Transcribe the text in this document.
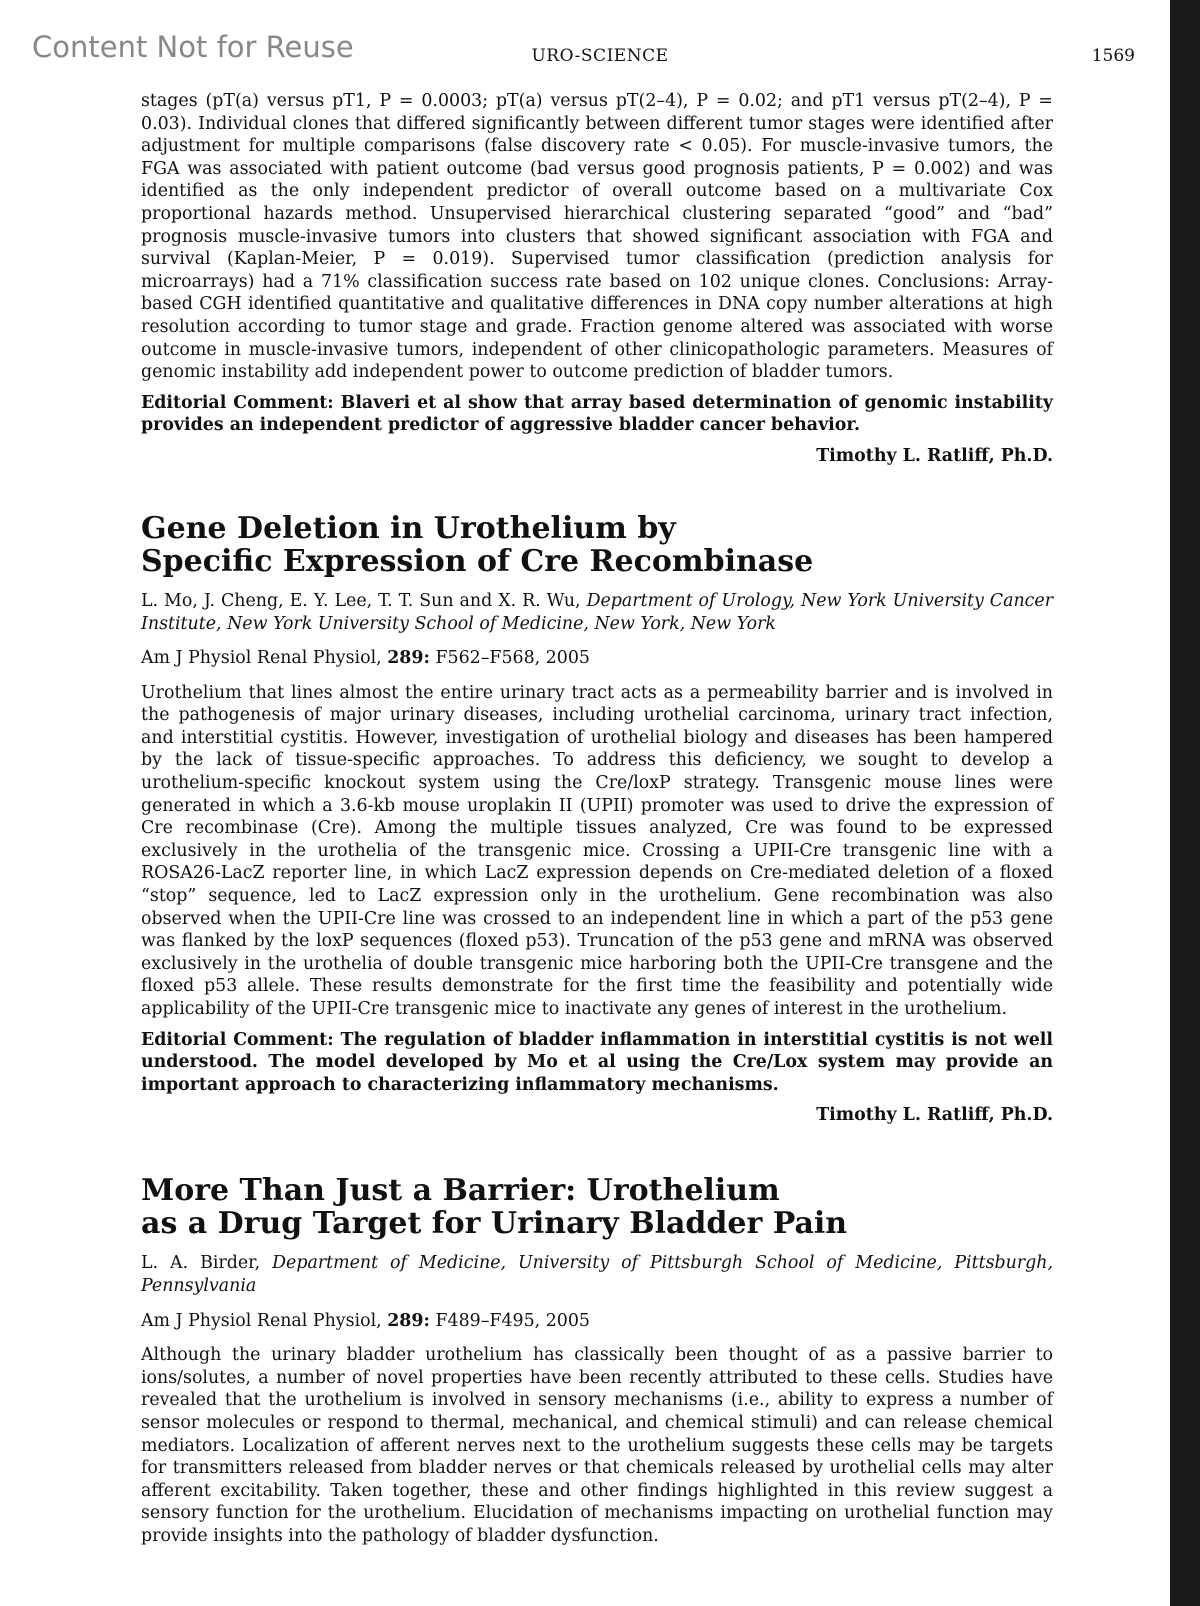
Content Not for Reuse	URO-SCIENCE	1569

stages (pT(a) versus pT1, P = 0.0003; pT(a) versus pT(2–4), P = 0.02; and pT1 versus pT(2–4), P = 0.03). Individual clones that differed significantly between different tumor stages were identified after adjustment for multiple comparisons (false discovery rate < 0.05). For muscle-invasive tumors, the FGA was associated with patient outcome (bad versus good prognosis patients, P = 0.002) and was identified as the only independent predictor of overall outcome based on a multivariate Cox proportional hazards method. Unsupervised hierarchical clustering separated “good” and “bad” prognosis muscle-invasive tumors into clusters that showed significant association with FGA and survival (Kaplan-Meier, P = 0.019). Supervised tumor classification (prediction analysis for microarrays) had a 71% classification success rate based on 102 unique clones. Conclusions: Array-based CGH identified quantitative and qualitative differences in DNA copy number alterations at high resolution according to tumor stage and grade. Fraction genome altered was associated with worse outcome in muscle-invasive tumors, independent of other clinicopathologic parameters. Measures of genomic instability add independent power to outcome prediction of bladder tumors.

Editorial Comment: Blaveri et al show that array based determination of genomic instability provides an independent predictor of aggressive bladder cancer behavior.

Timothy L. Ratliff, Ph.D.
Gene Deletion in Urothelium by
Specific Expression of Cre Recombinase

L. Mo, J. Cheng, E. Y. Lee, T. T. Sun and X. R. Wu, Department of Urology, New York University Cancer Institute, New York University School of Medicine, New York, New York

Am J Physiol Renal Physiol, 289: F562–F568, 2005

Urothelium that lines almost the entire urinary tract acts as a permeability barrier and is involved in the pathogenesis of major urinary diseases, including urothelial carcinoma, urinary tract infection, and interstitial cystitis. However, investigation of urothelial biology and diseases has been hampered by the lack of tissue-specific approaches. To address this deficiency, we sought to develop a urothelium-specific knockout system using the Cre/loxP strategy. Transgenic mouse lines were generated in which a 3.6-kb mouse uroplakin II (UPII) promoter was used to drive the expression of Cre recombinase (Cre). Among the multiple tissues analyzed, Cre was found to be expressed exclusively in the urothelia of the transgenic mice. Crossing a UPII-Cre transgenic line with a ROSA26-LacZ reporter line, in which LacZ expression depends on Cre-mediated deletion of a floxed “stop” sequence, led to LacZ expression only in the urothelium. Gene recombination was also observed when the UPII-Cre line was crossed to an independent line in which a part of the p53 gene was flanked by the loxP sequences (floxed p53). Truncation of the p53 gene and mRNA was observed exclusively in the urothelia of double transgenic mice harboring both the UPII-Cre transgene and the floxed p53 allele. These results demonstrate for the first time the feasibility and potentially wide applicability of the UPII-Cre transgenic mice to inactivate any genes of interest in the urothelium.

Editorial Comment: The regulation of bladder inflammation in interstitial cystitis is not well understood. The model developed by Mo et al using the Cre/Lox system may provide an important approach to characterizing inflammatory mechanisms.

Timothy L. Ratliff, Ph.D.
More Than Just a Barrier: Urothelium
as a Drug Target for Urinary Bladder Pain

L. A. Birder, Department of Medicine, University of Pittsburgh School of Medicine, Pittsburgh, Pennsylvania

Am J Physiol Renal Physiol, 289: F489–F495, 2005

Although the urinary bladder urothelium has classically been thought of as a passive barrier to ions/solutes, a number of novel properties have been recently attributed to these cells. Studies have revealed that the urothelium is involved in sensory mechanisms (i.e., ability to express a number of sensor molecules or respond to thermal, mechanical, and chemical stimuli) and can release chemical mediators. Localization of afferent nerves next to the urothelium suggests these cells may be targets for transmitters released from bladder nerves or that chemicals released by urothelial cells may alter afferent excitability. Taken together, these and other findings highlighted in this review suggest a sensory function for the urothelium. Elucidation of mechanisms impacting on urothelial function may provide insights into the pathology of bladder dysfunction.
